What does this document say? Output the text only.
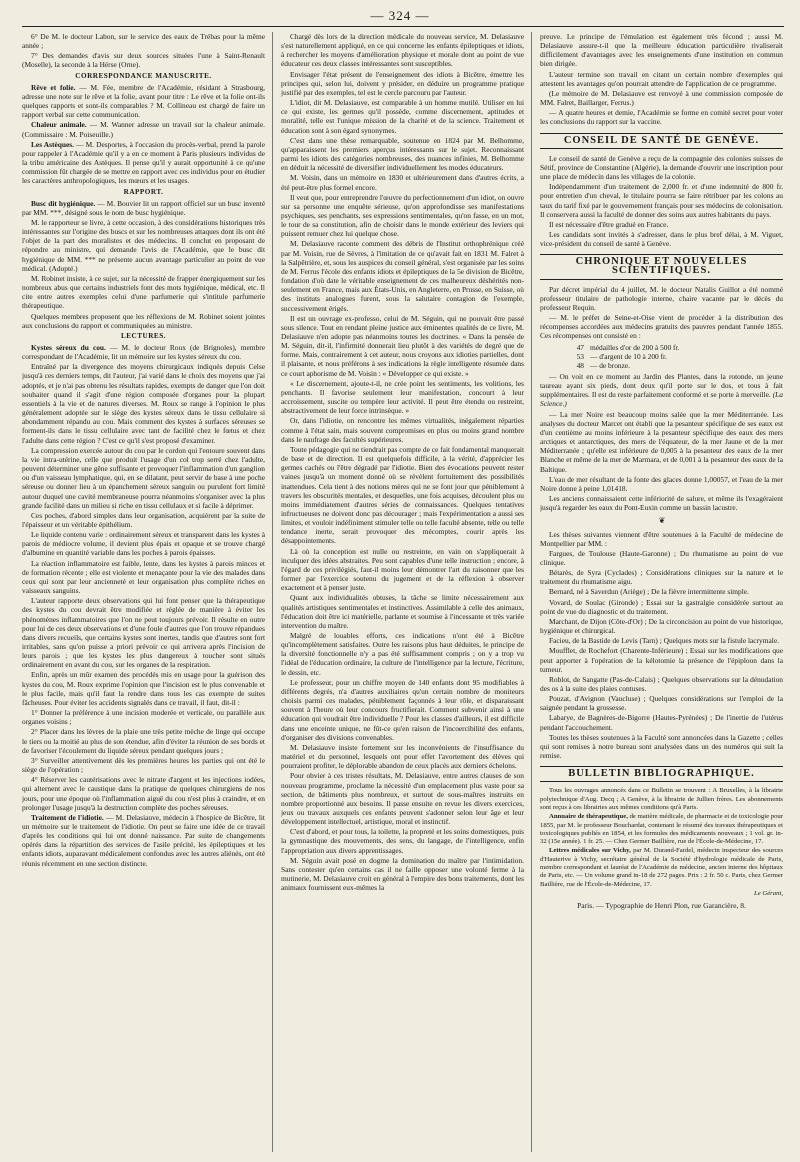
— 324 —

6° De M. le docteur Labon, sur le service des eaux de Trébas pour la même année ;

7° Des demandes d'avis sur deux sources situées l'une à Saint-Renault (Moselle), la seconde à la Hérse (Orne).

CORRESPONDANCE MANUSCRITE.

Rêve et folie. — M. Fée, membre de l'Académie, résidant à Strasbourg, adresse une note sur le rêve et la folie, avant pour titre : Le rêve et la folie ont-ils quelques rapports et sont-ils comparables ? M. Collineau est chargé de faire un rapport verbal sur cette communication.

Chaleur animale. — M. Wanner adresse un travail sur la chaleur animale. (Commissaire : M. Poiseuille.)

Les Astèques. — M. Desportes, à l'occasion du procès-verbal, prend la parole pour rappeler à l'Académie qu'il y a en ce moment à Paris plusieurs individus de la tribu américaine des Astèques. Il pense qu'il y aurait opportunité à ce qu'une commission fût chargée de se mettre en rapport avec ces individus pour en étudier les caractères anthropologiques, les mœurs et les usages.

RAPPORT.

Busc dit hygiénique. — M. Bouvier lit un rapport officiel sur un busc inventé par MM. ***, désigné sous le nom de busc hygiénique.

M. le rapporteur se livre, à cette occasion, à des considérations historiques très intéressantes sur l'origine des buscs et sur les nombreuses attaques dont ils ont été l'objet de la part des moralistes et des médecins. Il conclut en proposant de répondre au ministre, qui demande l'avis de l'Académie, que le busc dit hygiénique de MM. *** ne présente aucun avantage particulier au point de vue médical. (Adopté.)

M. Robinet insiste, à ce sujet, sur la nécessité de frapper énergiquement sur les nombreux abus que certains industriels font des mots hygiénique, médical, etc. Il cite entre autres exemples celui d'une parfumerie qui s'intitule parfumerie thérapeutique.

Quelques membres proposent que les réflexions de M. Robinet soient jointes aux conclusions du rapport et communiquées au ministre.

LECTURES.

Kystes séreux du cou. — M. le docteur Roux (de Brignoles), membre correspondant de l'Académie, lit un mémoire sur les kystes séreux du cou.

Entraîné par la divergence des moyens chirurgicaux indiqués depuis Celse jusqu'à ces derniers temps, dit l'auteur, j'ai varié dans le choix des moyens que j'ai adoptés, et je n'ai pas obtenu les résultats rapides, exempts de danger que l'on doit souhaiter quand il s'agit d'une région composée d'organes pour la plupart essentiels à la vie et de natures diverses. M. Roux se range à l'opinion le plus généralement adoptée sur le siège des kystes séreux dans le tissu cellulaire si abondamment répandu au cou. Mais comment des kystes à surfaces séreuses se forment-ils dans le tissu cellulaire avec tant de facilité chez le fœtus et chez l'adulte dans cette région ? C'est ce qu'il s'est proposé d'examiner.

La compression exercée autour du cou par le cordon qui l'entoure souvent dans la vie intra-utérine, celle que produit l'usage d'un col trop serré chez l'adulte, peuvent déterminer une gêne suffisante et provoquer l'inflammation d'un ganglion ou d'un vaisseau lymphatique, qui, en se dilatant, peut servir de base à une poche séreuse ou donner lieu à un épanchement séreux sanguin ou purulent fort limité autour duquel une cavité membraneuse pourra néanmoins s'organiser avec la plus grande facilité dans un milieu si riche en tissu cellulaux et si facile à déprimer.

Ces poches, d'abord simples dans leur organisation, acquièrent par la suite de l'épaisseur et un véritable épithélium.

Le liquide contenu varie : ordinairement séreux et transparent dans les kystes à parois de médiocre volume, il devient plus épais et opaque et se trouve chargé d'albumine en quantité variable dans les poches à parois épaisses.

La réaction inflammatoire est faible, lente, dans les kystes à parois minces et de formation récente ; elle est violente et menaçante pour la vie des malades dans ceux qui sont par leur ancienneté et leur organisation plus complète riches en vaisseaux sanguins.

L'auteur rapporte deux observations qui lui font penser que la thérapeutique des kystes du cou devrait être modifiée et réglée de manière à éviter les phénomènes inflammatoires que l'on ne peut toujours prévoir. Il résulte en outre pour lui de ces deux observations et d'une foule d'autres que l'on trouve répandues dans divers recueils, que certains kystes sont inertes, tandis que d'autres sont fort irritables, sans qu'on puisse a priori prévoir ce qui arrivera après l'incision de leurs parois ; que les kystes les plus dangereux à toucher sont situés ordinairement en avant du cou, sur les organes de la respiration.

Enfin, après un mûr examen des procédés mis en usage pour la guérison des kystes du cou, M. Roux exprime l'opinion que l'incision est le plus convenable et le plus facile, mais qu'il faut la rendre dans tous les cas exempte de suites fâcheuses. Pour éviter les accidents signalés dans ce travail, il faut, dit-il :

1° Donner la préférence à une incision moderée et verticale, ou parallèle aux organes voisins ;

2° Placer dans les lèvres de la plaie une très petite mèche de linge qui occupe le tiers ou la moitié au plus de son étendue, afin d'éviter la réunion de ses bords et de favoriser l'écoulement du liquide séreux pendant quelques jours ;

3° Surveiller attentivement dès les premières heures les parties qui ont été le siège de l'opération ;

4° Réserver les cautérisations avec le nitrate d'argent et les injections iodées, qui alternent avec le caustique dans la pratique de quelques chirurgiens de nos jours, pour une époque où l'inflammation aiguë du cou n'est plus à craindre, et en prolonger l'usage jusqu'à la destruction complète des poches séreuses.

Traitement de l'idiotie. — M. Delasiauve, médecin à l'hospice de Bicêtre, lit un mémoire sur le traitement de l'idiotie. On peut se faire une idée de ce travail d'après les conditions qui lui ont donné naissance. Par suite de changements opérés dans la répartition des services de l'asile précité, les épileptiques et les enfants idiots, auparavant médicalement confondus avec les autres aliénés, ont été réunis récemment en une section distincte.

Chargé dès lors de la direction médicale du nouveau service, M. Delasiauve s'est naturellement appliqué, en ce qui concerne les enfants épileptiques et idiots, à rechercher les moyens d'amélioration physique et morale dont au point de vue éducateur ces deux classes intéressantes sont susceptibles.

Envisager l'état présent de l'enseignement des idiots à Bicêtre, émettre les principes qui, selon lui, doivent y présider, en déduire un programme pratique justifié par des exemples, tel est le cercle parcouru par l'auteur.

L'idiot, dit M. Delasiauve, est comparable à un homme mutilé. Utiliser en lui ce qui existe, les germes qu'il possède, comme discernement, aptitudes et moralité, telle est l'unique mission de la charité et de la science. Traitement et éducation sont à son égard synonymes.

C'est dans une thèse remarquable, soutenue en 1824 par M. Belhomme, qu'apparaissent les premiers aperçus intéressants sur le sujet. Reconnaissant parmi les idiots des catégories nombreuses, des nuances infinies, M. Belhomme en déduit la nécessité de diversifier individuellement les modes éducateurs.

M. Voisin, dans un mémoire en 1830 et ultérieurement dans d'autres écrits, a été peut-être plus formel encore.

Il veut que, pour entreprendre l'œuvre du perfectionnement d'un idiot, on ouvre sur sa personne une enquête sérieuse, qu'on approfondisse ses manifestations psychiques, ses penchants, ses expressions sentimentales, qu'on fasse, en un mot, le tour de sa constitution, afin de choisir dans le monde extérieur des leviers qui puissent remuer chez lui quelque chose.

M. Delasiauve raconte comment des débris de l'Institut orthophrénique créé par M. Voisin, rue de Sèvres, à l'imitation de ce qu'avait fait en 1831 M. Falret à la Salpêtrière, et, sous les auspices du conseil général, s'est organisée par les soins de M. Ferrus l'école des enfants idiots et épileptiques de la 5e division de Bicêtre, fondation d'où date le véritable enseignement de ces malheureux déshérités non-seulement en France, mais aux États-Unis, en Angleterre, en Prusse, en Suisse, où des instituts analogues furent, sous la salutaire contagion de l'exemple, successivement érigés.

Il est un ouvrage ex-professo, celui de M. Séguin, qui ne pouvait être passé sous silence. Tout en rendant pleine justice aux éminentes qualités de ce livre, M. Delasiauve n'en adopte pas néanmoins toutes les doctrines. « Dans la pensée de M. Séguin, dit-il, l'infirmité donnerait lieu plutôt à des variétés de degré que de forme. Mais, contrairement à cet auteur, nous croyons aux idioties partielles, dont il plaisante, et nous préférons à ses indications la règle intelligente résumée dans ce court aphorisme de M. Voisin : « Développer ce qui existe. »

« Le discernement, ajoute-t-il, ne crée point les sentiments, les volitions, les penchants. Il favorise seulement leur manifestation, concourt à leur accroissement, suscite ou tempère leur activité. Il peut être étendu ou restreint, abstractivement de leur force intrinsèque. »

Or, dans l'idiotie, on rencontre les mêmes virtualités, inégalement réparties comme à l'état sain, mais souvent compromises en plus ou moins grand nombre dans le naufrage des facultés supérieures.

Toute pédagogie qui ne tiendrait pas compte de ce fait fondamental manquerait de base et de direction. Il est quelquefois difficile, à la vérité, d'apprécier les germes cachés ou l'être dégradé par l'idiotie. Bien des évocations peuvent rester vaines jusqu'à un moment donné où se révèlent fortuitement des possibilités inattendues. Cela tient à des notions mères qui ne se font jour que péniblement à travers les obscurités mentales, et desquelles, une fois acquises, découlent plus ou moins immédiatement d'autres séries de connaissances. Quelques tentatives infructueuses ne doivent donc pas décourager ; mais l'expérimentation a aussi ses limites, et vouloir indéfiniment stimuler telle ou telle faculté absente, telle ou telle tendance inerte, serait provoquer des mécomptes, courir après les désappointements.

Là où la conception est nulle ou restreinte, en vain on s'appliquerait à inculquer des idées abstraites. Peu sont capables d'une telle instruction ; encore, à l'égard de ces privilégiés, faut-il moins leur démontrer l'art du raisonner que les former par l'exercice soutenu du jugement et de la réflexion à observer exactement et à penser juste.

Quant aux individualités obtuses, la tâche se limite nécessairement aux qualités artistiques sentimentales et instinctives. Assimilable à celle des animaux, l'éducation doit être ici matérielle, parlante et soumise à l'incessante et très variée intervention du maître.

Malgré de louables efforts, ces indications n'ont été à Bicêtre qu'incomplètement satisfaites. Outre les raisons plus haut déduites, le principe de la diversité fonctionnelle n'y a pas été suffisamment compris ; on y a trop vu l'idéal de l'éducation ordinaire, la culture de l'intelligence par la lecture, l'écriture, le dessin, etc.

Le professeur, pour un chiffre moyen de 140 enfants dont 95 modifiables à différents degrés, n'a d'autres auxiliaires qu'un certain nombre de moniteurs choisis parmi ces malades, péniblement façonnés à leur rôle, et disparaissant souvent à l'heure où leur concours fructifierait. Comment subvenir ainsi à une éducation qui voudrait être individuelle ? Pour les classes d'ailleurs, il est difficile dans une enceinte unique, ne fût-ce qu'en raison de l'incoercibilité des enfants, d'organiser des divisions convenables.

M. Delasiauve insiste fortement sur les inconvénients de l'insuffisance du matériel et du personnel, lesquels ont pour effet l'avortement des élèves qui pourraient profiter, le déplorable abandon de ceux placés aux derniers échelons.

Pour obvier à ces tristes résultats, M. Delasiauve, entre autres clauses de son nouveau programme, proclame la nécessité d'un emplacement plus vaste pour sa section, de bâtiments plus nombreux, et surtout de sous-maîtres instruits en nombre proportionné aux besoins. Il passe ensuite en revue les divers exercices, jeux ou travaux auxquels ces enfants peuvent s'adonner selon leur âge et leur développement intellectuel, artistique, moral et instinctif.

C'est d'abord, et pour tous, la toilette, la propreté et les soins domestiques, puis la gymnastique des mouvements, des sens, du langage, de l'intelligence, enfin l'appropriation aux divers apprentissages.

M. Séguin avait posé en dogme la domination du maître par l'intimidation. Sans contester qu'en certains cas il ne faille opposer une volonté ferme à la mutinerie, M. Delasiauve croit en général à l'empire des bons traitements, dont les animaux fournissent eux-mêmes la

preuve. Le principe de l'émulation est également très fécond ; aussi M. Delasiauve assure-t-il que la meilleure éducation particulière rivaliserait difficilement d'avantages avec les enseignements d'une institution en commun bien dirigée.

L'auteur termine son travail en citant un certain nombre d'exemples qui attestent les avantages qu'on pourrait attendre de l'application de ce programme.

(Le mémoire de M. Delasiauve est renvoyé à une commission composée de MM. Falret, Baillarger, Ferrus.)

— A quatre heures et demie, l'Académie se forme en comité secret pour voter les conclusions du rapport sur la vaccine.

CONSEIL DE SANTÉ DE GENÈVE.

Le conseil de santé de Genève a reçu de la compagnie des colonies suisses de Sétif, province de Constantine (Algérie), la demande d'ouvrir une inscription pour une place de médecin dans les villages de la colonie.

Indépendamment d'un traitement de 2,000 fr. et d'une indemnité de 800 fr. pour entretien d'un cheval, le titulaire pourra se faire rétribuer par les colons au taux du tarif fixé par le gouvernement français pour ses médecins de colonisation. Il conservera aussi la faculté de donner des soins aux autres habitants du pays.

Il est nécessaire d'être gradué en France.

Les candidats sont invités à s'adresser, dans le plus bref délai, à M. Viguet, vice-président du conseil de santé à Genève.

CHRONIQUE ET NOUVELLES SCIENTIFIQUES.

Par décret impérial du 4 juillet, M. le docteur Natalis Guillot a été nommé professeur titulaire de pathologie interne, chaire vacante par le décès du professeur Requin.

— M. le préfet de Seine-et-Oise vient de procéder à la distribution des récompenses accordées aux médecins gratuits des pauvres pendant l'année 1855. Ces récompenses ont consisté en :

47 médailles d'or de 200 à 500 fr.
53 — d'argent de 10 à 200 fr.
48 — de bronze.

— On voit en ce moment au Jardin des Plantes, dans la rotonde, un jeune taureau ayant six pieds, dont deux qu'il porte sur le dos, et tous à fait supplémentaires. Il est du reste parfaitement conformé et se porte à merveille. (La Science.)

— La mer Noire est beaucoup moins salée que la mer Méditerranée. Les analyses du docteur Marcet ont établi que la pesanteur spécifique de ses eaux est d'un centième au moins inférieure à la pesanteur spécifique des eaux des mers arctiques et antarctiques, des mers de l'équateur, de la mer Jaune et de la mer Méditerranée ; qu'elle est inférieure de 0,005 à la pesanteur des eaux de la mer Blanche et même de la mer de Marmara, et de 0,001 à la pesanteur des eaux de la Baltique.

L'eau de mer résultant de la fonte des glaces donne 1,00057, et l'eau de la mer Noire donne à peine 1,01418.

Les anciens connaissaient cette infériorité de salure, et même ils l'exagéraient jusqu'à regarder les eaux du Pont-Euxin comme un bassin lacustre.

❦

Les thèses suivantes viennent d'être soutenues à la Faculté de médecine de Montpellier par MM. :

Fargues, de Toulouse (Haute-Garonne) ; Du rhumatisme au point de vue clinique.

Bétarès, de Syra (Cyclades) ; Considérations cliniques sur la nature et le traitement du rhumatisme aigu.

Bernard, né à Saverdun (Ariège) ; De la fièvre intermittente simple.

Vovard, de Soulac (Gironde) ; Essai sur la gastralgie considérée surtout au point de vue du diagnostic et du traitement.

Marchant, de Dijon (Côte-d'Or) ; De la circoncision au point de vue historique, hygiénique et chirurgical.

Facieu, de la Bastide de Levis (Tarn) ; Quelques mots sur la fistule lacrymale.

Moufflet, de Rochefort (Charente-Inférieure) ; Essai sur les modifications que peut apporter à l'opération de la kélotomie la présence de l'épiploon dans la tumeur.

Roblot, de Sangatte (Pas-de-Calais) ; Quelques observations sur la dénudation des os à la suite des plaies contuses.

Pouzat, d'Avignon (Vaucluse) ; Quelques considérations sur l'emploi de la saignée pendant la grossesse.

Labarye, de Bagnères-de-Bigorre (Hautes-Pyrénées) ; De l'inertie de l'utérus pendant l'accouchement.

Toutes les thèses soutenues à la Faculté sont annoncées dans la Gazette ; celles qui sont remises à notre bureau sont analysées dans un des numéros qui suit la remise.

BULLETIN BIBLIOGRAPHIQUE.

Tous les ouvrages annoncés dans ce Bulletin se trouvent : A Bruxelles, à la librairie polytechnique d'Aug. Decq ; A Genève, à la librairie de Jullien frères. Les abonnements sont reçus à ces librairies aux mêmes conditions qu'à Paris.

Annuaire de thérapeutique, de matière médicale, de pharmacie et de toxicologie pour 1855, par M. le professeur Bouchardat, contenant le résumé des travaux thérapeutiques et toxicologiques publiés en 1854, et les formules des médicaments nouveaux ; 1 vol. gr. in-32 (15e année). 1 fr. 25. — Chez Germer Baillière, rue de l'École-de-Médecine, 17.

Lettres médicales sur Vichy, par M. Durand-Fardel, médecin inspecteur des sources d'Hauterive à Vichy, secrétaire général de la Société d'hydrologie médicale de Paris, membre correspondant et lauréat de l'Académie de médecine, ancien interne des hôpitaux de Paris, etc. — Un volume grand in-18 de 272 pages. Prix : 2 fr. 50 c. Paris, chez Germer Baillière, rue de l'École-de-Médecine, 17.

Le Gérant,
Paris. — Typographie de Henri Plon, rue Garancière, 8.
